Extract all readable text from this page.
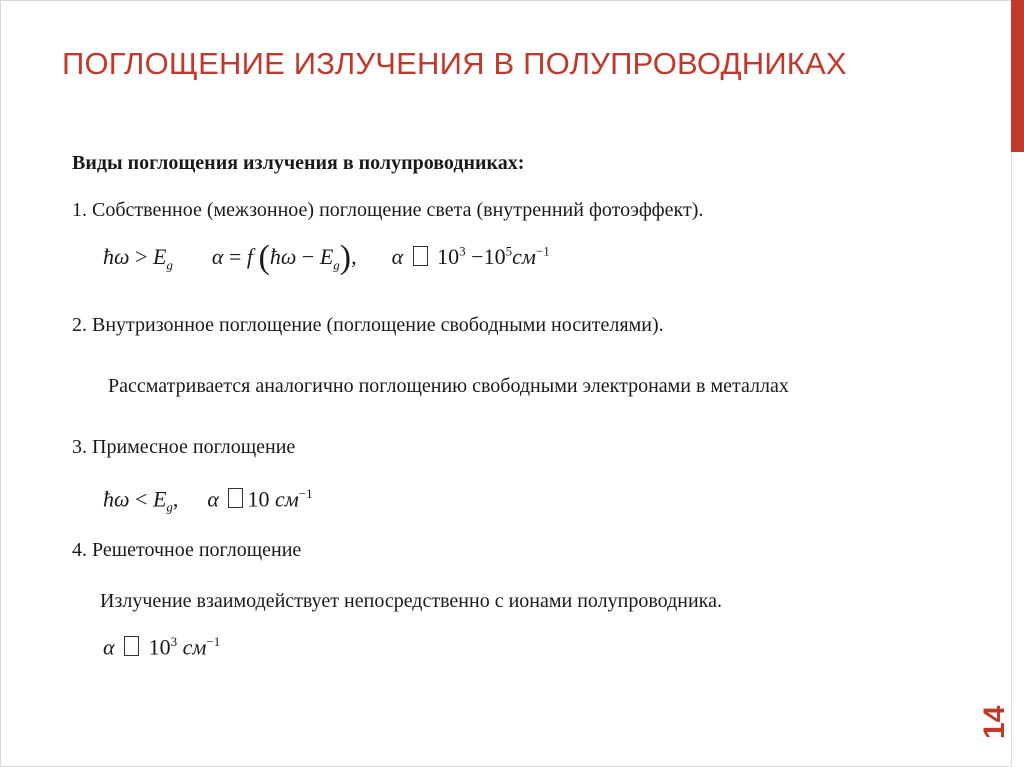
ПОГЛОЩЕНИЕ ИЗЛУЧЕНИЯ В ПОЛУПРОВОДНИКАХ
Виды поглощения излучения в полупроводниках:
1. Собственное (межзонное) поглощение света (внутренний фотоэффект).
ħω > $E_g$ α = f (ħω − $E_g$), α $10^3 -10^5см^{-1}$
2. Внутризонное поглощение (поглощение свободными носителями).
Рассматривается аналогично поглощению свободными электронами в металлах
3. Примесное поглощение
ħω < $E_g$, α 10 $см^{-1}$
4. Решеточное поглощение
Излучение взаимодействует непосредственно с ионами полупроводника.
α $10^3$ $см^{-1}$
14
